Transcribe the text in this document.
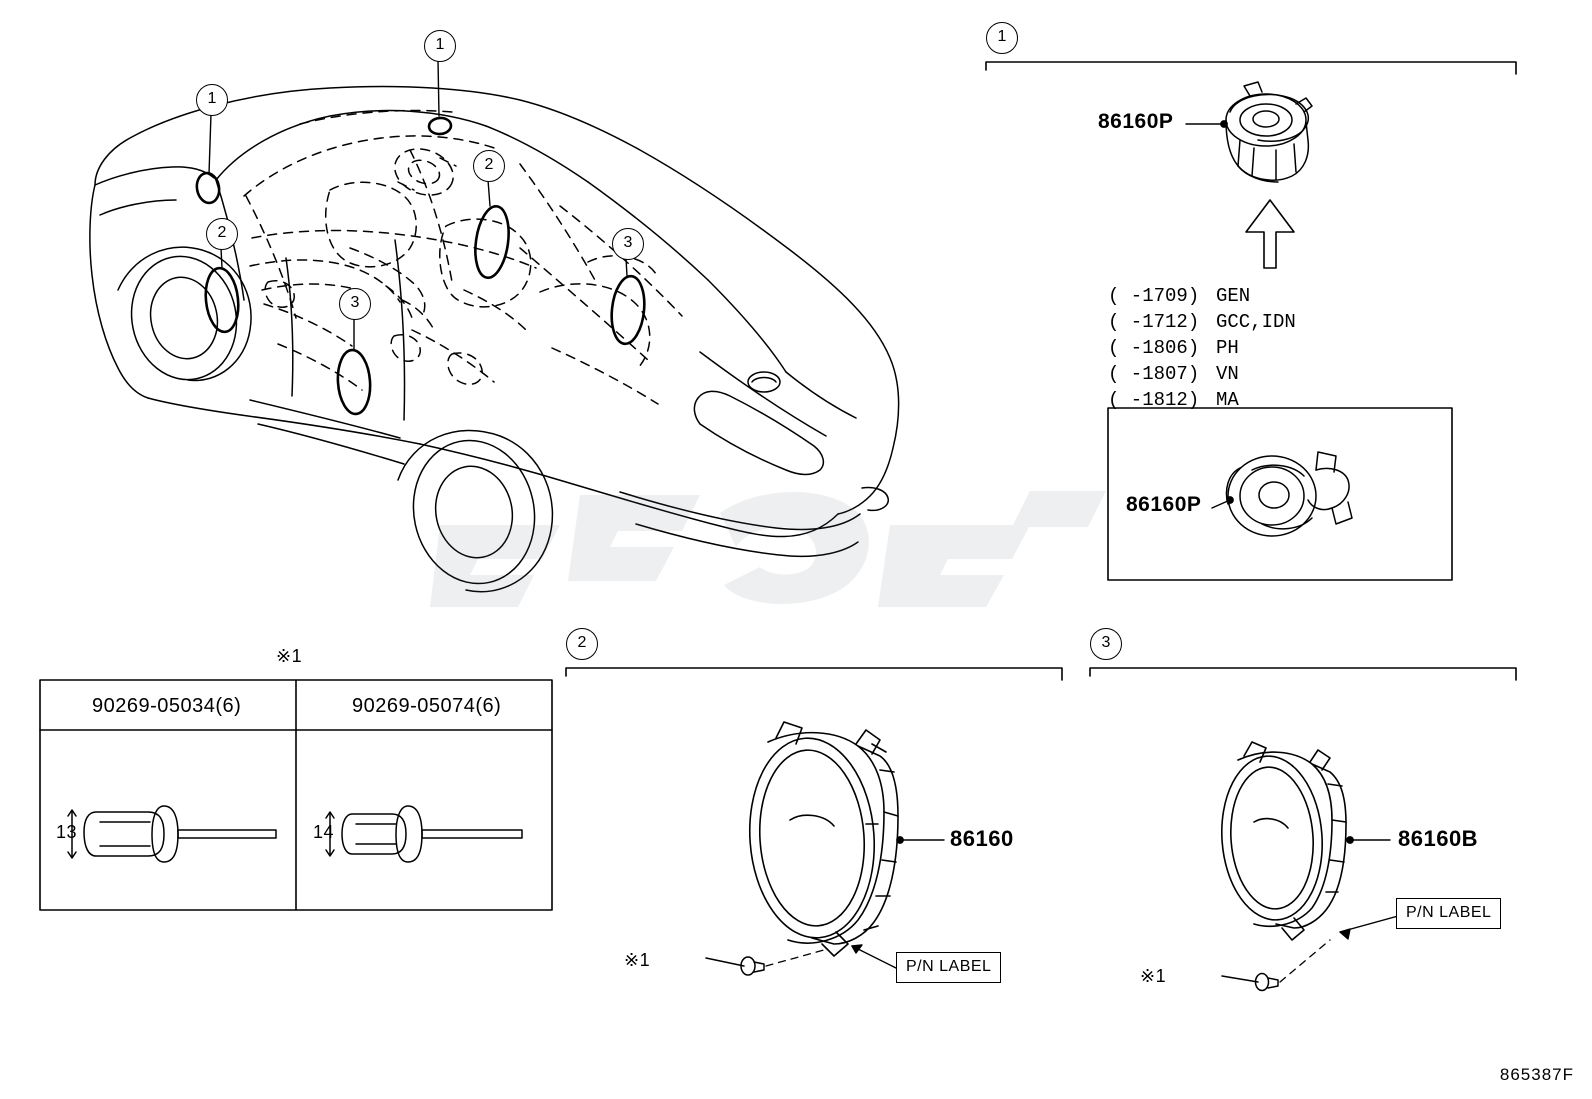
1
1
2
2
3
3
1
2	3
86160P
86160P
( -1709) GEN
( -1712) GCC,IDN
( -1806) PH
( -1807) VN
( -1812) MA
86160
P/N LABEL
※1
86160B
P/N LABEL
※1
※1
90269-05034(6)	90269-05074(6)
13	14
865387F
